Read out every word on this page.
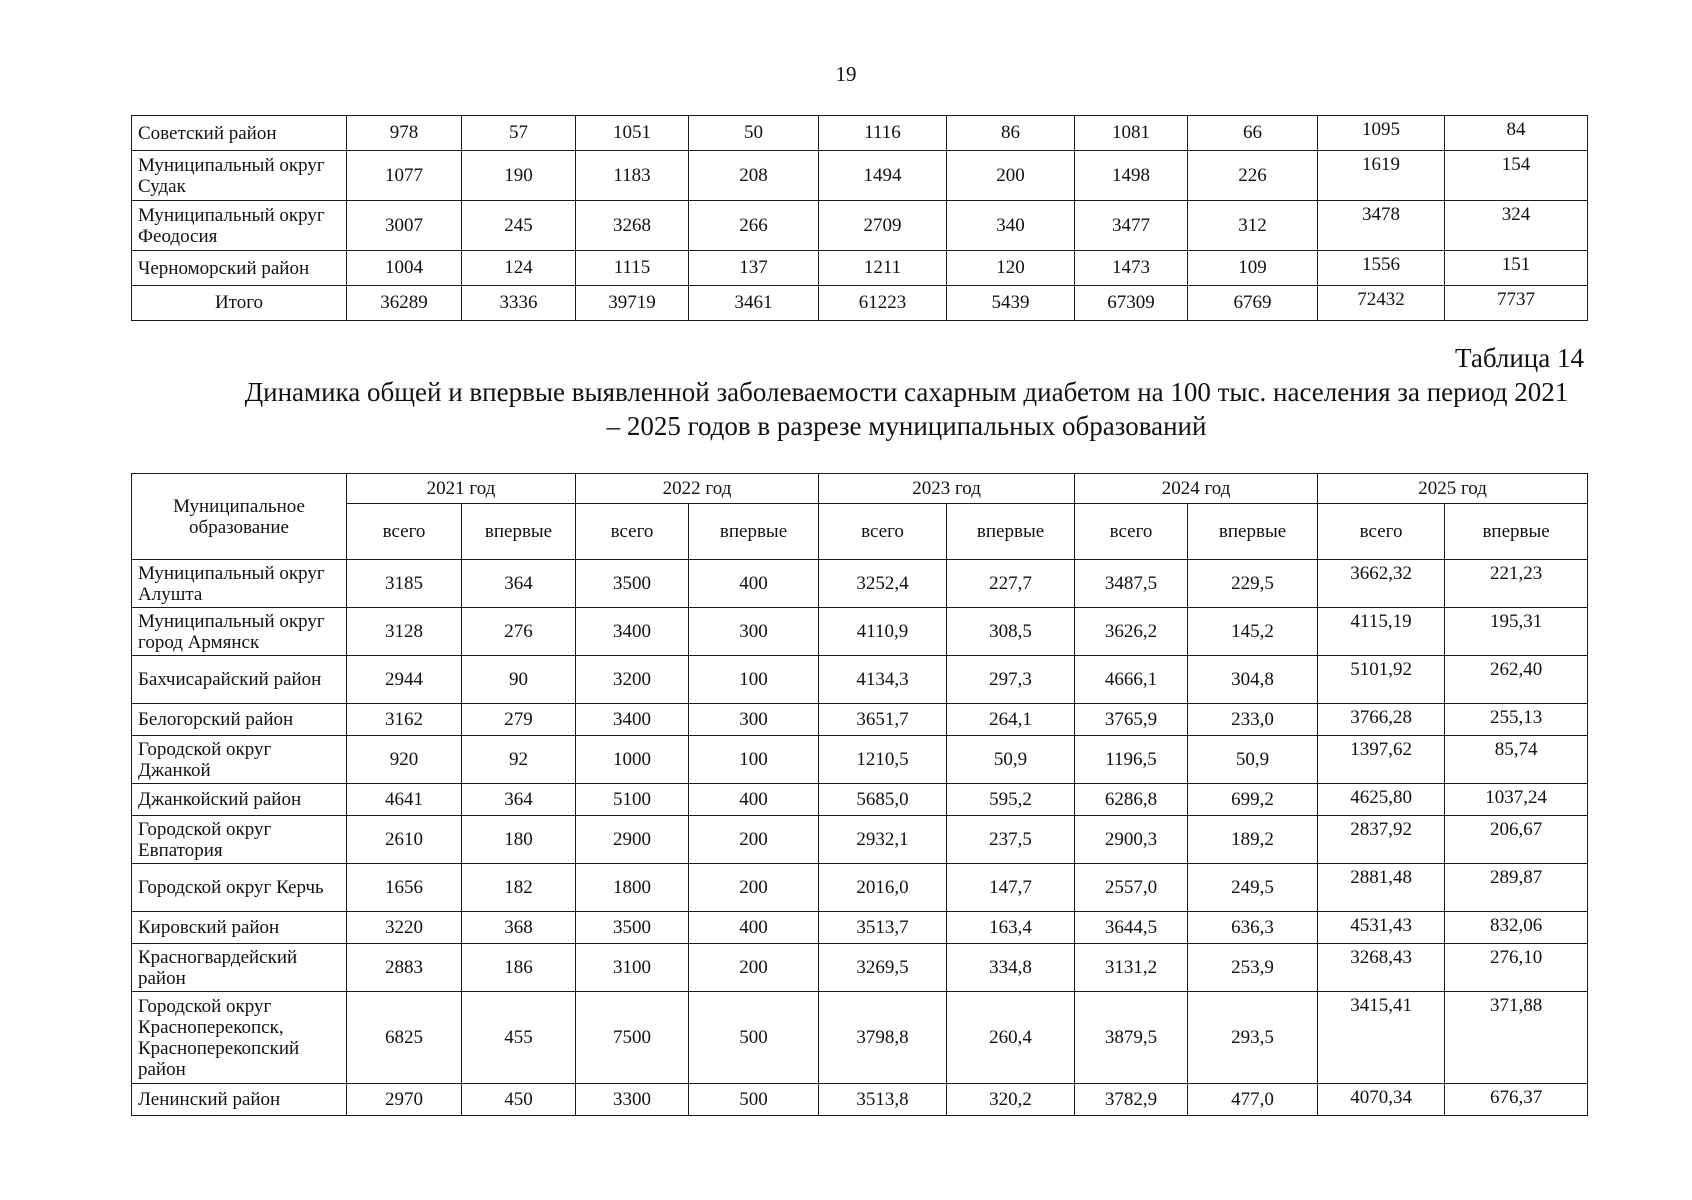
19
Советский район	978	57	1051	50	1116	86	1081	66	1095	84
Муниципальный округ Судак	1077	190	1183	208	1494	200	1498	226	1619	154
Муниципальный округ Феодосия	3007	245	3268	266	2709	340	3477	312	3478	324
Черноморский район	1004	124	1115	137	1211	120	1473	109	1556	151
Итого	36289	3336	39719	3461	61223	5439	67309	6769	72432	7737
Таблица 14
Динамика общей и впервые выявленной заболеваемости сахарным диабетом на 100 тыс. населения за период 2021 – 2025 годов в разрезе муниципальных образований
Муниципальное образование	2021 год		2022 год		2023 год		2024 год		2025 год	
	всего	впервые	всего	впервые	всего	впервые	всего	впервые	всего	впервые
Муниципальный округ Алушта	3185	364	3500	400	3252,4	227,7	3487,5	229,5	3662,32	221,23
Муниципальный округ город Армянск	3128	276	3400	300	4110,9	308,5	3626,2	145,2	4115,19	195,31
Бахчисарайский район	2944	90	3200	100	4134,3	297,3	4666,1	304,8	5101,92	262,40
Белогорский район	3162	279	3400	300	3651,7	264,1	3765,9	233,0	3766,28	255,13
Городской округ Джанкой	920	92	1000	100	1210,5	50,9	1196,5	50,9	1397,62	85,74
Джанкойский район	4641	364	5100	400	5685,0	595,2	6286,8	699,2	4625,80	1037,24
Городской округ Евпатория	2610	180	2900	200	2932,1	237,5	2900,3	189,2	2837,92	206,67
Городской округ Керчь	1656	182	1800	200	2016,0	147,7	2557,0	249,5	2881,48	289,87
Кировский район	3220	368	3500	400	3513,7	163,4	3644,5	636,3	4531,43	832,06
Красногвардейский район	2883	186	3100	200	3269,5	334,8	3131,2	253,9	3268,43	276,10
Городской округ Красноперекопск, Красноперекопский район	6825	455	7500	500	3798,8	260,4	3879,5	293,5	3415,41	371,88
Ленинский район	2970	450	3300	500	3513,8	320,2	3782,9	477,0	4070,34	676,37
